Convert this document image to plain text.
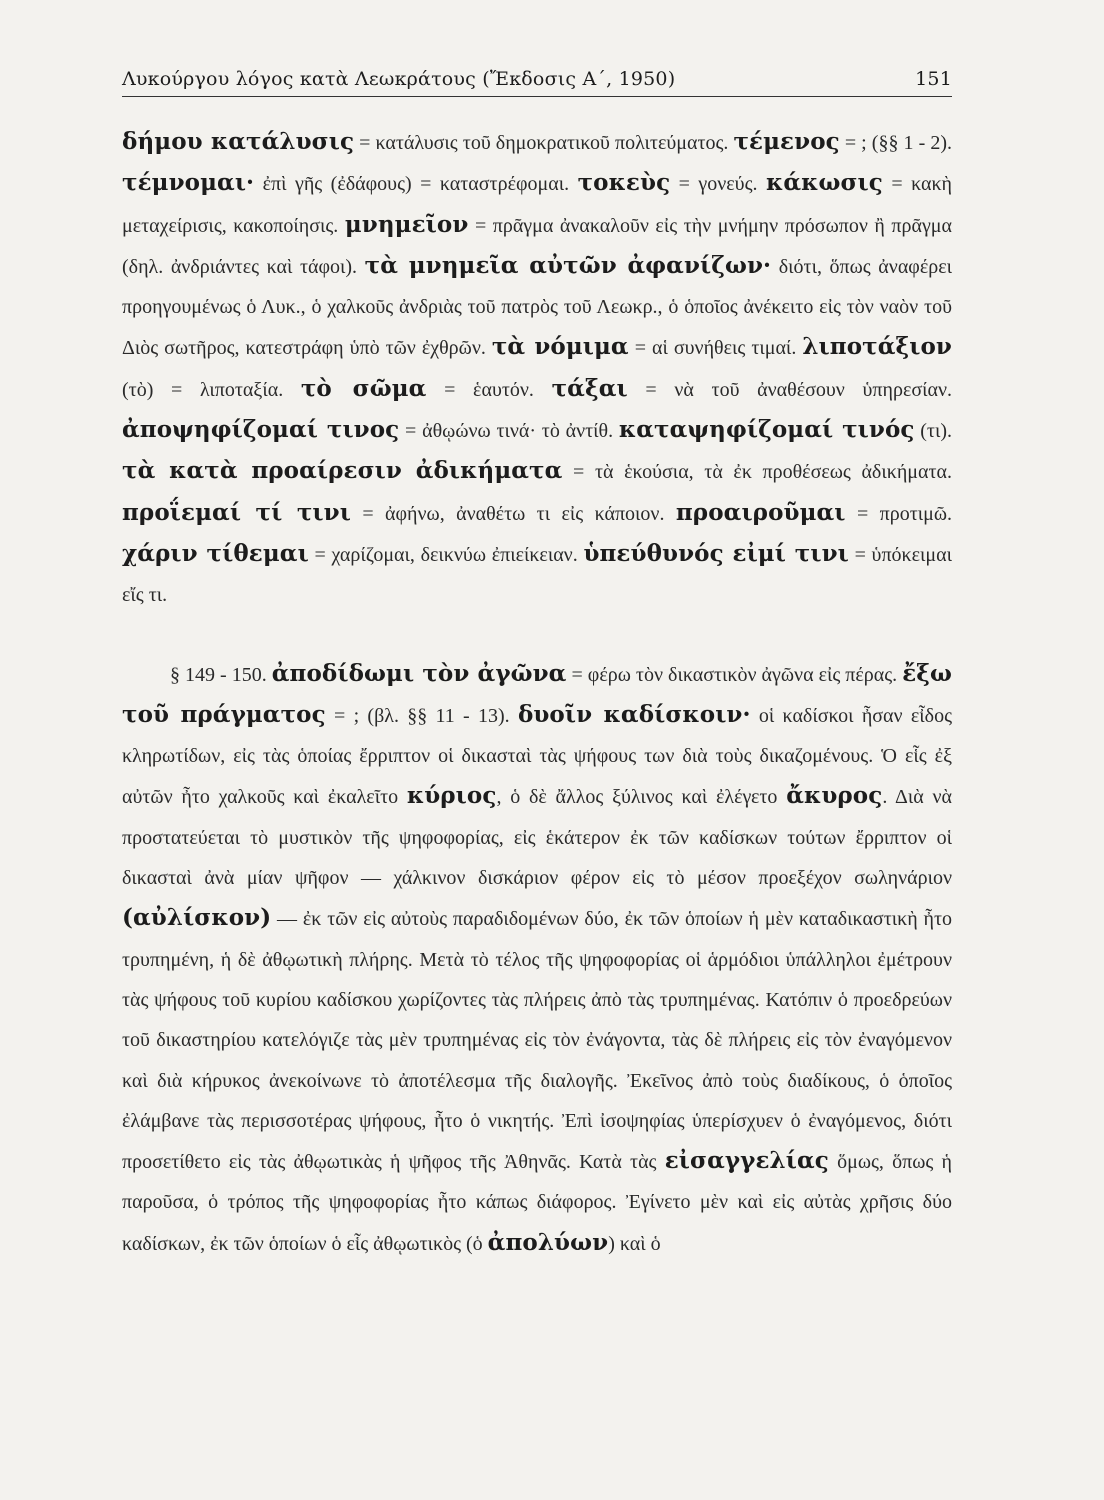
Λυκούργου λόγος κατὰ Λεωκράτους (Ἔκδοσις Α΄, 1950)	151

δήμου κατάλυσις = κατάλυσις τοῦ δημοκρατικοῦ πολιτεύματος. τέμενος = ; (§§ 1 - 2). τέμνομαι· ἐπὶ γῆς (ἐδάφους) = καταστρέφομαι. τοκεὺς = γονεύς. κάκωσις = κακὴ μεταχείρισις, κακοποίησις. μνημεῖον = πρᾶγμα ἀνακαλοῦν εἰς τὴν μνήμην πρόσωπον ἢ πρᾶγμα (δηλ. ἀνδριάντες καὶ τάφοι). τὰ μνημεῖα αὐτῶν ἀφανίζων· διότι, ὅπως ἀναφέρει προηγουμένως ὁ Λυκ., ὁ χαλκοῦς ἀνδριὰς τοῦ πατρὸς τοῦ Λεωκρ., ὁ ὁποῖος ἀνέκειτο εἰς τὸν ναὸν τοῦ Διὸς σωτῆρος, κατεστράφη ὑπὸ τῶν ἐχθρῶν. τὰ νόμιμα = αἱ συνήθεις τιμαί. λιποτάξιον (τὸ) = λιποταξία. τὸ σῶμα = ἑαυτόν. τάξαι = νὰ τοῦ ἀναθέσουν ὑπηρεσίαν. ἀποψηφίζομαί τινος = ἀθῳώνω τινά· τὸ ἀντίθ. καταψηφίζομαί τινός (τι). τὰ κατὰ προαίρεσιν ἀδικήματα = τὰ ἑκούσια, τὰ ἐκ προθέσεως ἀδικήματα. προΐεμαί τί τινι = ἀφήνω, ἀναθέτω τι εἰς κάποιον. προαιροῦμαι = προτιμῶ. χάριν τίθεμαι = χαρίζομαι, δεικνύω ἐπιείκειαν. ὑπεύθυνός εἰμί τινι = ὑπόκειμαι εἴς τι.

§ 149 - 150. ἀποδίδωμι τὸν ἀγῶνα = φέρω τὸν δικαστικὸν ἀγῶνα εἰς πέρας. ἔξω τοῦ πράγματος = ; (βλ. §§ 11 - 13). δυοῖν καδίσκοιν· οἱ καδίσκοι ἦσαν εἶδος κληρωτίδων, εἰς τὰς ὁποίας ἔρριπτον οἱ δικασταὶ τὰς ψήφους των διὰ τοὺς δικαζομένους. Ὁ εἷς ἐξ αὐτῶν ἦτο χαλκοῦς καὶ ἐκαλεῖτο κύριος, ὁ δὲ ἄλλος ξύλινος καὶ ἐλέγετο ἄκυρος. Διὰ νὰ προστατεύεται τὸ μυστικὸν τῆς ψηφοφορίας, εἰς ἑκάτερον ἐκ τῶν καδίσκων τούτων ἔρριπτον οἱ δικασταὶ ἀνὰ μίαν ψῆφον — χάλκινον δισκάριον φέρον εἰς τὸ μέσον προεξέχον σωληνάριον (αὐλίσκον) — ἐκ τῶν εἰς αὐτοὺς παραδιδομένων δύο, ἐκ τῶν ὁποίων ἡ μὲν καταδικαστικὴ ἦτο τρυπημένη, ἡ δὲ ἀθῳωτικὴ πλήρης. Μετὰ τὸ τέλος τῆς ψηφοφορίας οἱ ἁρμόδιοι ὑπάλληλοι ἐμέτρουν τὰς ψήφους τοῦ κυρίου καδίσκου χωρίζοντες τὰς πλήρεις ἀπὸ τὰς τρυπημένας. Κατόπιν ὁ προεδρεύων τοῦ δικαστηρίου κατελόγιζε τὰς μὲν τρυπημένας εἰς τὸν ἐνάγοντα, τὰς δὲ πλήρεις εἰς τὸν ἐναγόμενον καὶ διὰ κήρυκος ἀνεκοίνωνε τὸ ἀποτέλεσμα τῆς διαλογῆς. Ἐκεῖνος ἀπὸ τοὺς διαδίκους, ὁ ὁποῖος ἐλάμβανε τὰς περισσοτέρας ψήφους, ἦτο ὁ νικητής. Ἐπὶ ἰσοψηφίας ὑπερίσχυεν ὁ ἐναγόμενος, διότι προσετίθετο εἰς τὰς ἀθῳωτικὰς ἡ ψῆφος τῆς Ἀθηνᾶς. Κατὰ τὰς εἰσαγγελίας ὅμως, ὅπως ἡ παροῦσα, ὁ τρόπος τῆς ψηφοφορίας ἦτο κάπως διάφορος. Ἐγίνετο μὲν καὶ εἰς αὐτὰς χρῆσις δύο καδίσκων, ἐκ τῶν ὁποίων ὁ εἷς ἀθῳωτικὸς (ὁ ἀπολύων) καὶ ὁ
